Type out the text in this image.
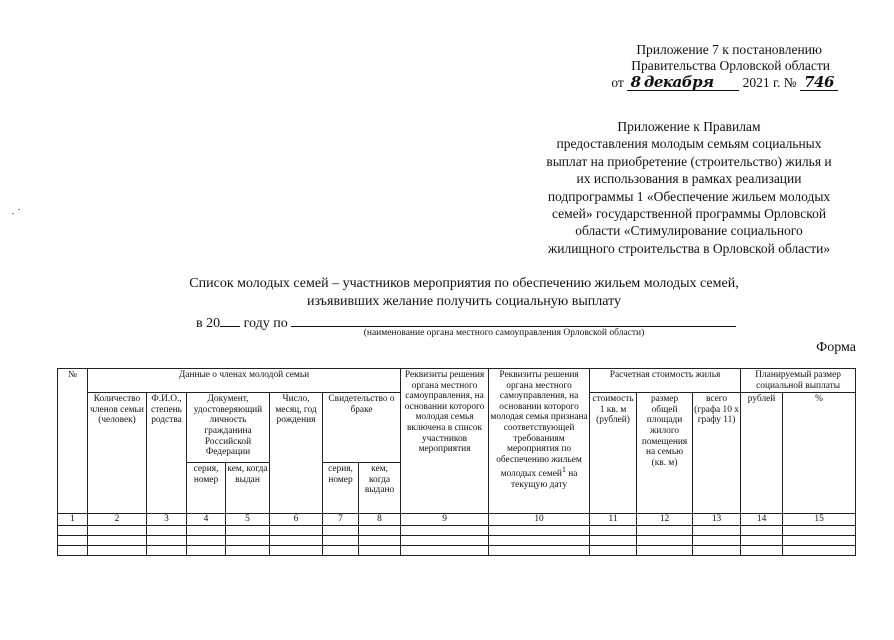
Приложение 7 к постановлению
Правительства Орловской области
от 8 декабря 2021 г. № 746
Приложение к Правилам
предоставления молодым семьям социальных
выплат на приобретение (строительство) жилья и
их использования в рамках реализации
подпрограммы 1 «Обеспечение жильем молодых
семей» государственной программы Орловской
области «Стимулирование социального
жилищного строительства в Орловской области»
Список молодых семей – участников мероприятия по обеспечению жильем молодых семей,
изъявивших желание получить социальную выплату
в 20 году по
(наименование органа местного самоуправления Орловской области)
Форма
№	Данные о членах молодой семьи							Реквизиты решения органа местного самоуправления, на основании которого молодая семья включена в список участников мероприятия	Реквизиты решения органа местного самоуправления, на основании которого молодая семья признана соответствующей требованиям мероприятия по обеспечению жильем молодых семей$^1$ на текущую дату	Расчетная стоимость жилья			Планируемый размер социальной выплаты	
	Количество членов семьи (человек)	Ф.И.О., степень родства	Документ, удостоверяющий личность гражданина Российской Федерации		Число, месяц, год рождения	Свидетельство о браке				стоимость 1 кв. м (рублей)	размер общей площади жилого помещения на семью (кв. м)	всего (графа 10 х графу 11)	рублей	%
			серия, номер	кем, когда выдан		серия, номер	кем, когда выдано							
1	2	3	4	5	6	7	8	9	10	11	12	13	14	15
